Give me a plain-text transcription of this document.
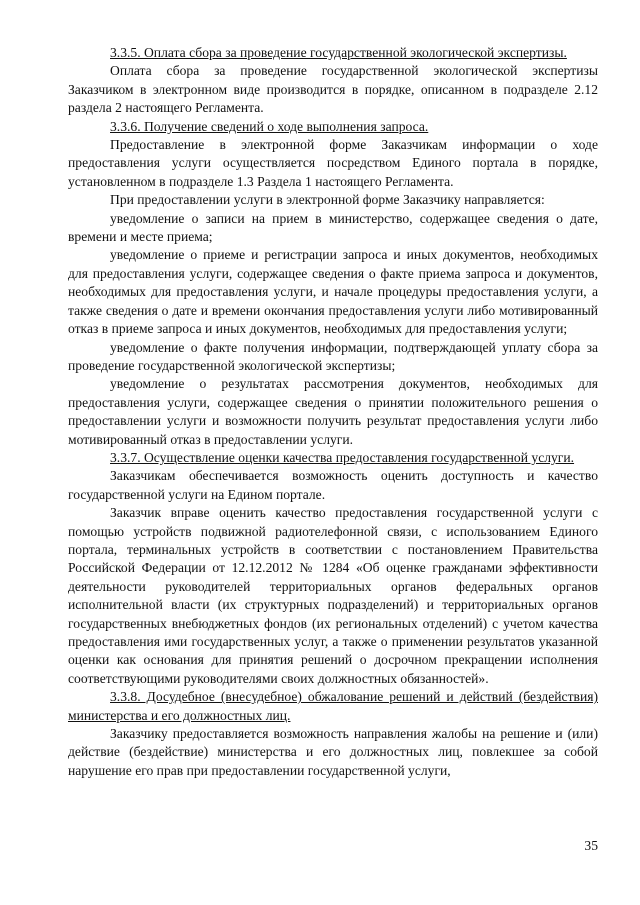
3.3.5. Оплата сбора за проведение государственной экологической экспертизы.

Оплата сбора за проведение государственной экологической экспертизы Заказчиком в электронном виде производится в порядке, описанном в подразделе 2.12 раздела 2 настоящего Регламента.

3.3.6. Получение сведений о ходе выполнения запроса.

Предоставление в электронной форме Заказчикам информации о ходе предоставления услуги осуществляется посредством Единого портала в порядке, установленном в подразделе 1.3 Раздела 1 настоящего Регламента.

При предоставлении услуги в электронной форме Заказчику направляется:

уведомление о записи на прием в министерство, содержащее сведения о дате, времени и месте приема;

уведомление о приеме и регистрации запроса и иных документов, необходимых для предоставления услуги, содержащее сведения о факте приема запроса и документов, необходимых для предоставления услуги, и начале процедуры предоставления услуги, а также сведения о дате и времени окончания предоставления услуги либо мотивированный отказ в приеме запроса и иных документов, необходимых для предоставления услуги;

уведомление о факте получения информации, подтверждающей уплату сбора за проведение государственной экологической экспертизы;

уведомление о результатах рассмотрения документов, необходимых для предоставления услуги, содержащее сведения о принятии положительного решения о предоставлении услуги и возможности получить результат предоставления услуги либо мотивированный отказ в предоставлении услуги.

3.3.7. Осуществление оценки качества предоставления государственной услуги.

Заказчикам обеспечивается возможность оценить доступность и качество государственной услуги на Едином портале.

Заказчик вправе оценить качество предоставления государственной услуги с помощью устройств подвижной радиотелефонной связи, с использованием Единого портала, терминальных устройств в соответствии с постановлением Правительства Российской Федерации от 12.12.2012 № 1284 «Об оценке гражданами эффективности деятельности руководителей территориальных органов федеральных органов исполнительной власти (их структурных подразделений) и территориальных органов государственных внебюджетных фондов (их региональных отделений) с учетом качества предоставления ими государственных услуг, а также о применении результатов указанной оценки как основания для принятия решений о досрочном прекращении исполнения соответствующими руководителями своих должностных обязанностей».

3.3.8. Досудебное (внесудебное) обжалование решений и действий (бездействия) министерства и его должностных лиц.

Заказчику предоставляется возможность направления жалобы на решение и (или) действие (бездействие) министерства и его должностных лиц, повлекшее за собой нарушение его прав при предоставлении государственной услуги,

35
